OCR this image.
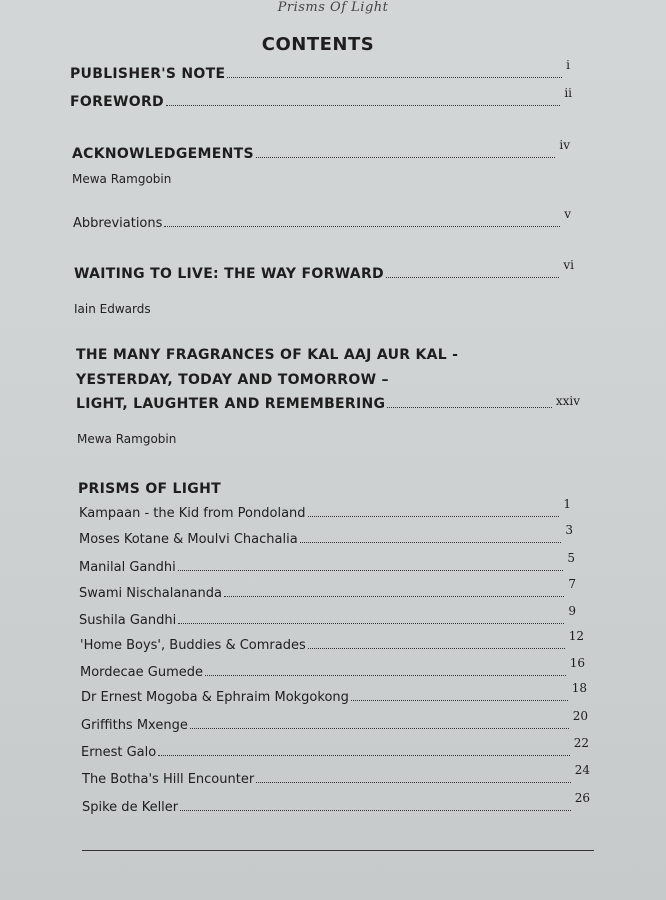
Prisms Of Light
CONTENTS
PUBLISHER'S NOTE
i
FOREWORD
ii
ACKNOWLEDGEMENTS
iv
Mewa Ramgobin
Abbreviations
v
WAITING TO LIVE: THE WAY FORWARD
vi
Iain Edwards
THE MANY FRAGRANCES OF KAL AAJ AUR KAL -
YESTERDAY, TODAY AND TOMORROW –
LIGHT, LAUGHTER AND REMEMBERING	xxiv
Mewa Ramgobin
PRISMS OF LIGHT
Kampaan - the Kid from Pondoland
1
Moses Kotane & Moulvi Chachalia
3
Manilal Gandhi
5
Swami Nischalananda
7
Sushila Gandhi
9
'Home Boys', Buddies & Comrades
12
Mordecae Gumede
16
Dr Ernest Mogoba & Ephraim Mokgokong
18
Griffiths Mxenge
20
Ernest Galo
22
The Botha's Hill Encounter
24
Spike de Keller
26
